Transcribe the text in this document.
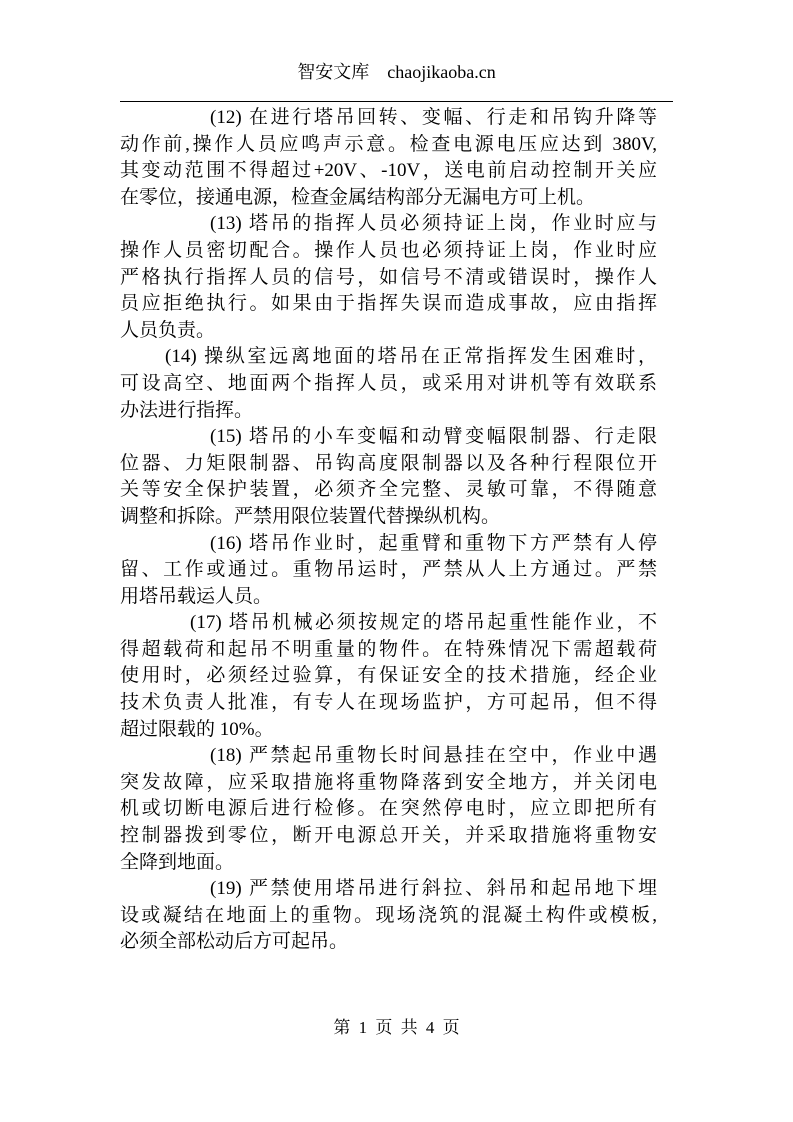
智安文库 chaojikaoba.cn
(12) 在进行塔吊回转、变幅、行走和吊钩升降等
动作前,操作人员应鸣声示意。检查电源电压应达到 380V,
其变动范围不得超过+20V、-10V，送电前启动控制开关应
在零位，接通电源，检查金属结构部分无漏电方可上机。
(13) 塔吊的指挥人员必须持证上岗，作业时应与
操作人员密切配合。操作人员也必须持证上岗，作业时应
严格执行指挥人员的信号，如信号不清或错误时，操作人
员应拒绝执行。如果由于指挥失误而造成事故，应由指挥
人员负责。
(14) 操纵室远离地面的塔吊在正常指挥发生困难时，
可设高空、地面两个指挥人员，或采用对讲机等有效联系
办法进行指挥。
(15) 塔吊的小车变幅和动臂变幅限制器、行走限
位器、力矩限制器、吊钩高度限制器以及各种行程限位开
关等安全保护装置，必须齐全完整、灵敏可靠，不得随意
调整和拆除。严禁用限位装置代替操纵机构。
(16) 塔吊作业时，起重臂和重物下方严禁有人停
留、工作或通过。重物吊运时，严禁从人上方通过。严禁
用塔吊载运人员。
(17) 塔吊机械必须按规定的塔吊起重性能作业，不
得超载荷和起吊不明重量的物件。在特殊情况下需超载荷
使用时，必须经过验算，有保证安全的技术措施，经企业
技术负责人批准，有专人在现场监护，方可起吊，但不得
超过限载的 10%。
(18) 严禁起吊重物长时间悬挂在空中，作业中遇
突发故障，应采取措施将重物降落到安全地方，并关闭电
机或切断电源后进行检修。在突然停电时，应立即把所有
控制器拨到零位，断开电源总开关，并采取措施将重物安
全降到地面。
(19) 严禁使用塔吊进行斜拉、斜吊和起吊地下埋
设或凝结在地面上的重物。现场浇筑的混凝土构件或模板,
必须全部松动后方可起吊。
第 1 页 共 4 页
